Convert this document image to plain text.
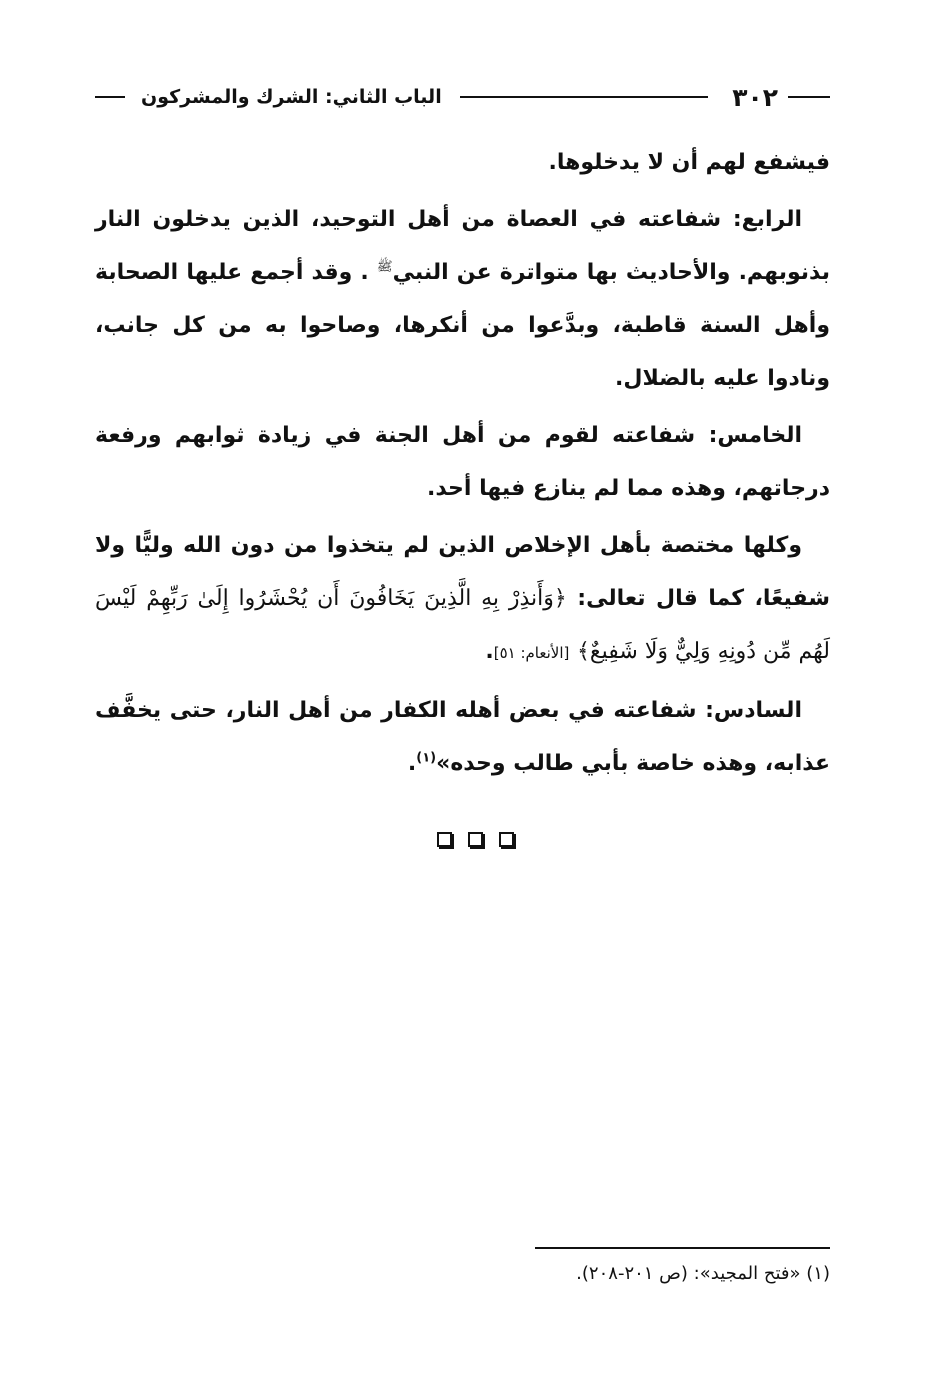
٣٠٢
الباب الثاني: الشرك والمشركون

فيشفع لهم أن لا يدخلوها.

الرابع: شفاعته في العصاة من أهل التوحيد، الذين يدخلون النار بذنوبهم. والأحاديث بها متواترة عن النبي$^ﷺ$ . وقد أجمع عليها الصحابة وأهل السنة قاطبة، وبدَّعوا من أنكرها، وصاحوا به من كل جانب، ونادوا عليه بالضلال.

الخامس: شفاعته لقوم من أهل الجنة في زيادة ثوابهم ورفعة درجاتهم، وهذه مما لم ينازع فيها أحد.

وكلها مختصة بأهل الإخلاص الذين لم يتخذوا من دون الله وليًّا ولا شفيعًا، كما قال تعالى: ﴿وَأَنذِرْ بِهِ الَّذِينَ يَخَافُونَ أَن يُحْشَرُوا إِلَىٰ رَبِّهِمْ لَيْسَ لَهُم مِّن دُونِهِ وَلِيٌّ وَلَا شَفِيعٌ﴾ [الأنعام: ٥١].

السادس: شفاعته في بعض أهله الكفار من أهل النار، حتى يخفَّف عذابه، وهذه خاصة بأبي طالب وحده»$^{(١)}$.

(١) «فتح المجيد»: (ص ٢٠١-٢٠٨).
